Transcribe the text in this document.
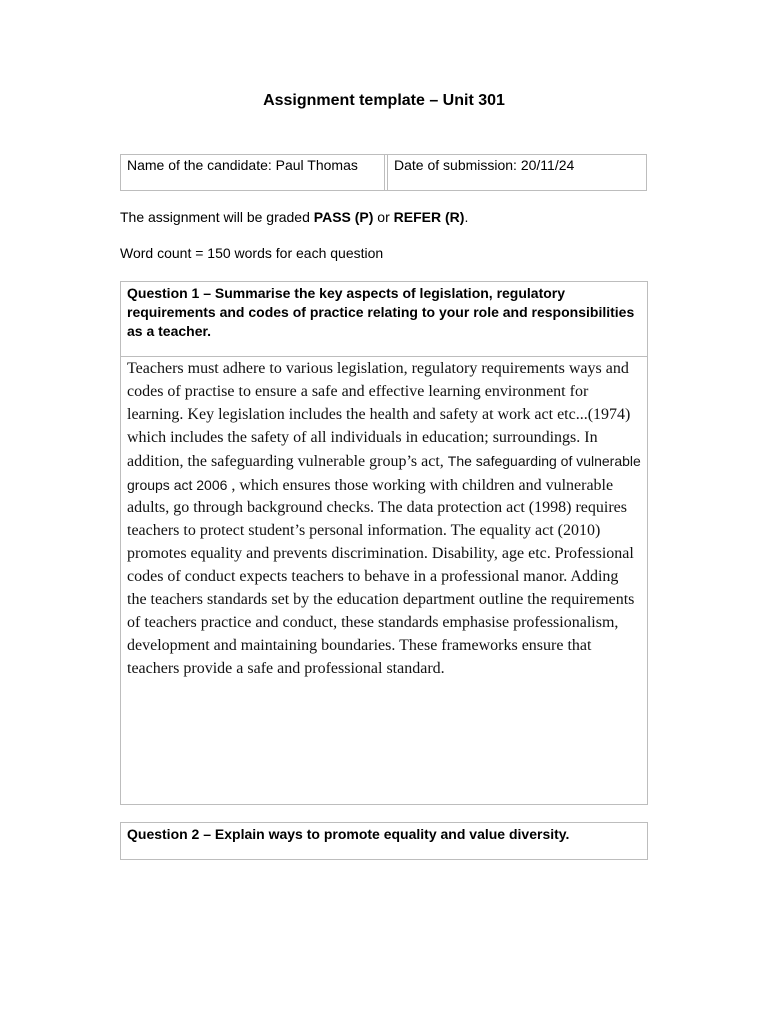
Assignment template – Unit 301
Name of the candidate: Paul Thomas	Date of submission: 20/11/24
The assignment will be graded PASS (P) or REFER (R).
Word count = 150 words for each question
Question 1 – Summarise the key aspects of legislation, regulatory requirements and codes of practice relating to your role and responsibilities as a teacher.
Teachers must adhere to various legislation, regulatory requirements ways and codes of practise to ensure a safe and effective learning environment for learning. Key legislation includes the health and safety at work act etc...(1974) which includes the safety of all individuals in education; surroundings. In addition, the safeguarding vulnerable group’s act, The safeguarding of vulnerable groups act 2006 , which ensures those working with children and vulnerable adults, go through background checks. The data protection act (1998) requires teachers to protect student’s personal information. The equality act (2010) promotes equality and prevents discrimination. Disability, age etc. Professional codes of conduct expects teachers to behave in a professional manor. Adding the teachers standards set by the education department outline the requirements of teachers practice and conduct, these standards emphasise professionalism, development and maintaining boundaries. These frameworks ensure that teachers provide a safe and professional standard.
Question 2 – Explain ways to promote equality and value diversity.
